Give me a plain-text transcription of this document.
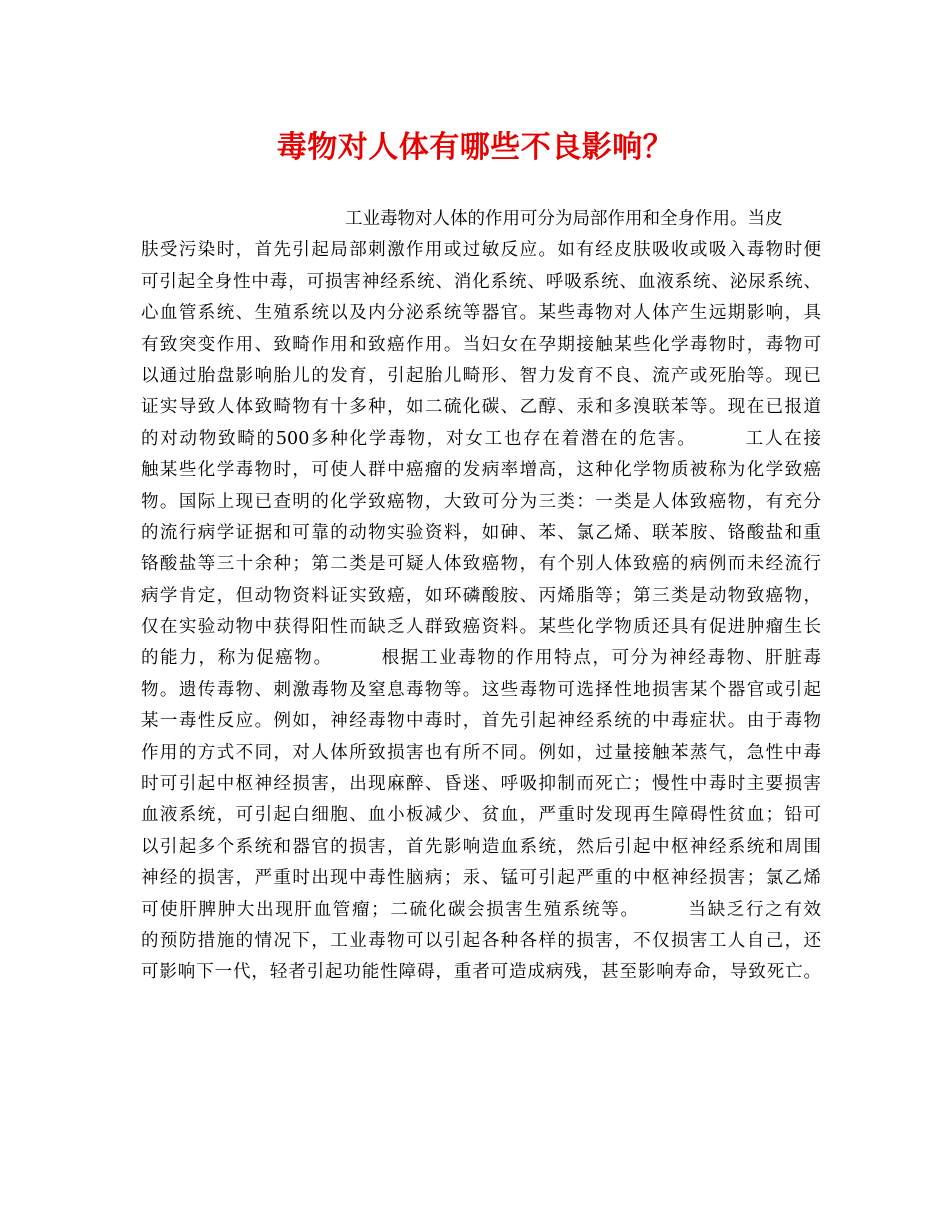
毒物对人体有哪些不良影响？
工业毒物对人体的作用可分为局部作用和全身作用。当皮
肤受污染时，首先引起局部刺激作用或过敏反应。如有经皮肤吸收或吸入毒物时便
可引起全身性中毒，可损害神经系统、消化系统、呼吸系统、血液系统、泌尿系统、
心血管系统、生殖系统以及内分泌系统等器官。某些毒物对人体产生远期影响，具
有致突变作用、致畸作用和致癌作用。当妇女在孕期接触某些化学毒物时，毒物可
以通过胎盘影响胎儿的发育，引起胎儿畸形、智力发育不良、流产或死胎等。现已
证实导致人体致畸物有十多种，如二硫化碳、乙醇、汞和多溴联苯等。现在已报道
的对动物致畸的500多种化学毒物，对女工也存在着潜在的危害。　　　工人在接
触某些化学毒物时，可使人群中癌瘤的发病率增高，这种化学物质被称为化学致癌
物。国际上现已查明的化学致癌物，大致可分为三类：一类是人体致癌物，有充分
的流行病学证据和可靠的动物实验资料，如砷、苯、氯乙烯、联苯胺、铬酸盐和重
铬酸盐等三十余种；第二类是可疑人体致癌物，有个别人体致癌的病例而未经流行
病学肯定，但动物资料证实致癌，如环磷酸胺、丙烯脂等；第三类是动物致癌物，
仅在实验动物中获得阳性而缺乏人群致癌资料。某些化学物质还具有促进肿瘤生长
的能力，称为促癌物。　　　根据工业毒物的作用特点，可分为神经毒物、肝脏毒
物。遗传毒物、刺激毒物及窒息毒物等。这些毒物可选择性地损害某个器官或引起
某一毒性反应。例如，神经毒物中毒时，首先引起神经系统的中毒症状。由于毒物
作用的方式不同，对人体所致损害也有所不同。例如，过量接触苯蒸气，急性中毒
时可引起中枢神经损害，出现麻醉、昏迷、呼吸抑制而死亡；慢性中毒时主要损害
血液系统，可引起白细胞、血小板减少、贫血，严重时发现再生障碍性贫血；铅可
以引起多个系统和器官的损害，首先影响造血系统，然后引起中枢神经系统和周围
神经的损害，严重时出现中毒性脑病；汞、锰可引起严重的中枢神经损害；氯乙烯
可使肝脾肿大出现肝血管瘤；二硫化碳会损害生殖系统等。　　　当缺乏行之有效
的预防措施的情况下，工业毒物可以引起各种各样的损害，不仅损害工人自己，还
可影响下一代，轻者引起功能性障碍，重者可造成病残，甚至影响寿命，导致死亡。
